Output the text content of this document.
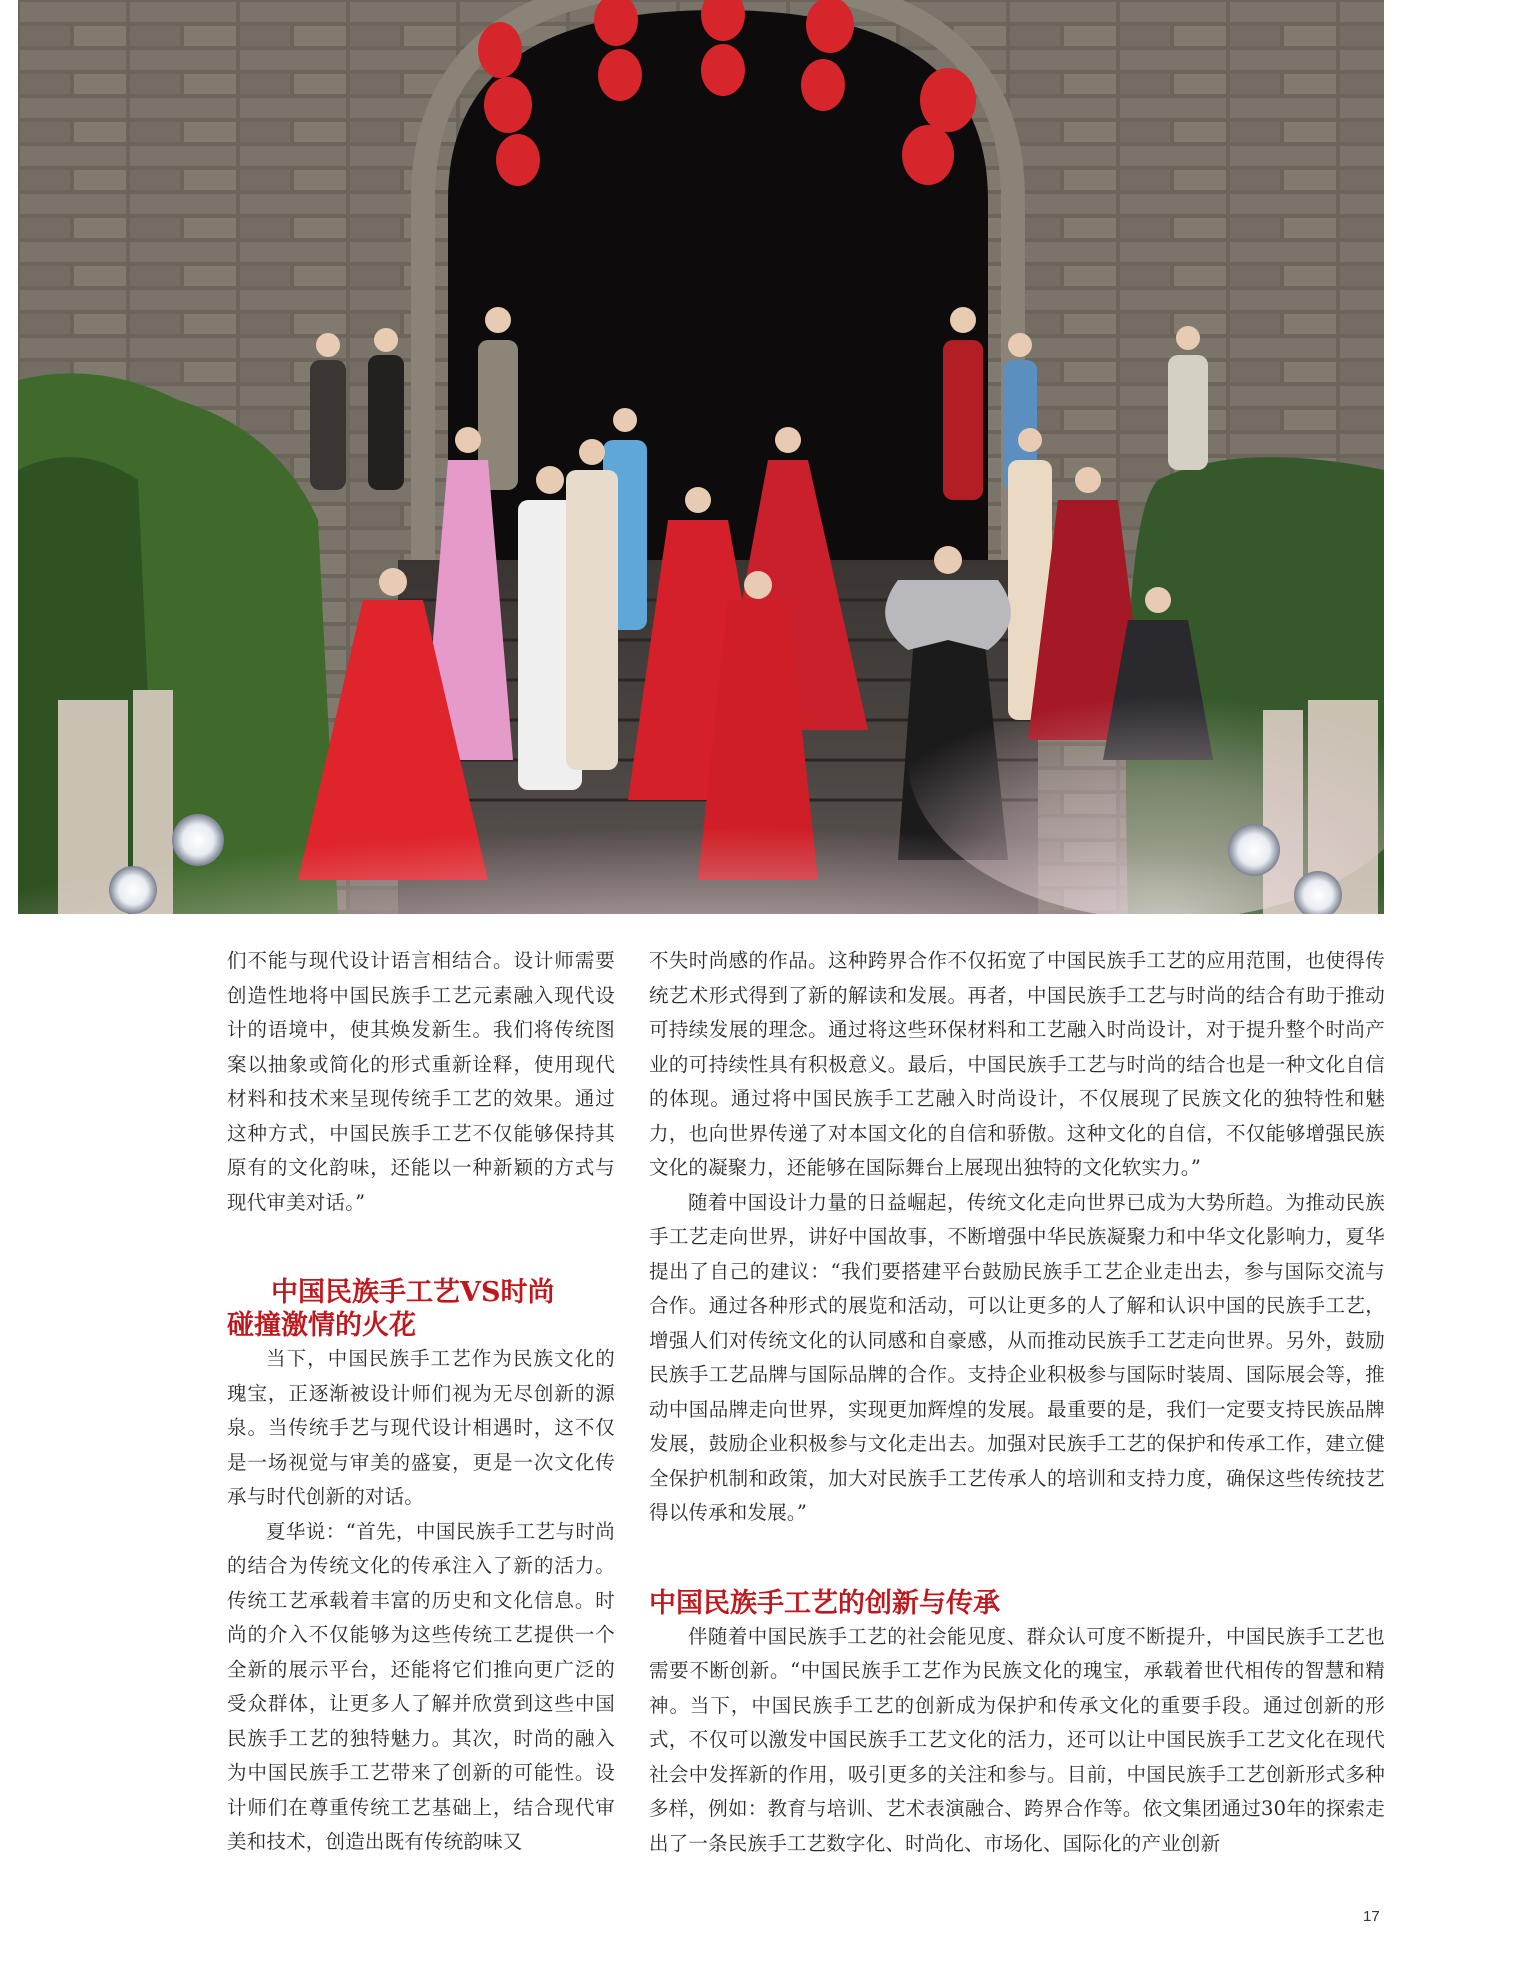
们不能与现代设计语言相结合。设计师需要创造性地将中国民族手工艺元素融入现代设计的语境中，使其焕发新生。我们将传统图案以抽象或简化的形式重新诠释，使用现代材料和技术来呈现传统手工艺的效果。通过这种方式，中国民族手工艺不仅能够保持其原有的文化韵味，还能以一种新颖的方式与现代审美对话。”

中国民族手工艺VS时尚
碰撞激情的火花

当下，中国民族手工艺作为民族文化的瑰宝，正逐渐被设计师们视为无尽创新的源泉。当传统手艺与现代设计相遇时，这不仅是一场视觉与审美的盛宴，更是一次文化传承与时代创新的对话。

夏华说：“首先，中国民族手工艺与时尚的结合为传统文化的传承注入了新的活力。传统工艺承载着丰富的历史和文化信息。时尚的介入不仅能够为这些传统工艺提供一个全新的展示平台，还能将它们推向更广泛的受众群体，让更多人了解并欣赏到这些中国民族手工艺的独特魅力。其次，时尚的融入为中国民族手工艺带来了创新的可能性。设计师们在尊重传统工艺基础上，结合现代审美和技术，创造出既有传统韵味又

不失时尚感的作品。这种跨界合作不仅拓宽了中国民族手工艺的应用范围，也使得传统艺术形式得到了新的解读和发展。再者，中国民族手工艺与时尚的结合有助于推动可持续发展的理念。通过将这些环保材料和工艺融入时尚设计，对于提升整个时尚产业的可持续性具有积极意义。最后，中国民族手工艺与时尚的结合也是一种文化自信的体现。通过将中国民族手工艺融入时尚设计，不仅展现了民族文化的独特性和魅力，也向世界传递了对本国文化的自信和骄傲。这种文化的自信，不仅能够增强民族文化的凝聚力，还能够在国际舞台上展现出独特的文化软实力。”

随着中国设计力量的日益崛起，传统文化走向世界已成为大势所趋。为推动民族手工艺走向世界，讲好中国故事，不断增强中华民族凝聚力和中华文化影响力，夏华提出了自己的建议：“我们要搭建平台鼓励民族手工艺企业走出去，参与国际交流与合作。通过各种形式的展览和活动，可以让更多的人了解和认识中国的民族手工艺，增强人们对传统文化的认同感和自豪感，从而推动民族手工艺走向世界。另外，鼓励民族手工艺品牌与国际品牌的合作。支持企业积极参与国际时装周、国际展会等，推动中国品牌走向世界，实现更加辉煌的发展。最重要的是，我们一定要支持民族品牌发展，鼓励企业积极参与文化走出去。加强对民族手工艺的保护和传承工作，建立健全保护机制和政策，加大对民族手工艺传承人的培训和支持力度，确保这些传统技艺得以传承和发展。”

中国民族手工艺的创新与传承

伴随着中国民族手工艺的社会能见度、群众认可度不断提升，中国民族手工艺也需要不断创新。“中国民族手工艺作为民族文化的瑰宝，承载着世代相传的智慧和精神。当下，中国民族手工艺的创新成为保护和传承文化的重要手段。通过创新的形式，不仅可以激发中国民族手工艺文化的活力，还可以让中国民族手工艺文化在现代社会中发挥新的作用，吸引更多的关注和参与。目前，中国民族手工艺创新形式多种多样，例如：教育与培训、艺术表演融合、跨界合作等。依文集团通过30年的探索走出了一条民族手工艺数字化、时尚化、市场化、国际化的产业创新

17
